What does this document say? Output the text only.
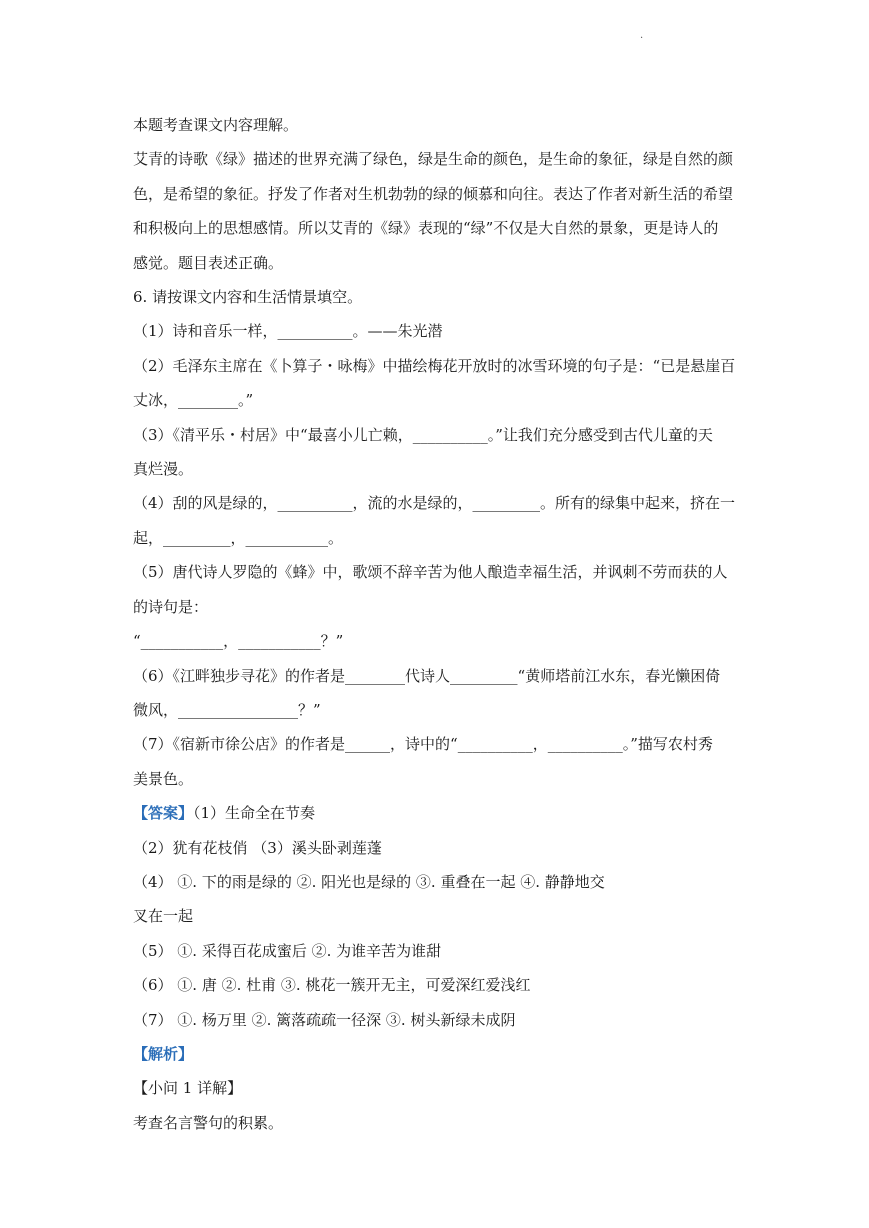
.
本题考查课文内容理解。
艾青的诗歌《绿》描述的世界充满了绿色，绿是生命的颜色，是生命的象征，绿是自然的颜
色，是希望的象征。抒发了作者对生机勃勃的绿的倾慕和向往。表达了作者对新生活的希望
和积极向上的思想感情。所以艾青的《绿》表现的“绿”不仅是大自然的景象，更是诗人的
感觉。题目表述正确。
6. 请按课文内容和生活情景填空。
（1）诗和音乐一样，__________。——朱光潜
（2）毛泽东主席在《卜算子・咏梅》中描绘梅花开放时的冰雪环境的句子是：“已是悬崖百
丈冰，________。”
（3）《清平乐・村居》中“最喜小儿亡赖，__________。”让我们充分感受到古代儿童的天
真烂漫。
（4）刮的风是绿的，__________，流的水是绿的，_________。所有的绿集中起来，挤在一
起，_________，___________。
（5）唐代诗人罗隐的《蜂》中，歌颂不辞辛苦为他人酿造幸福生活，并讽刺不劳而获的人
的诗句是：
“___________，___________？”
（6）《江畔独步寻花》的作者是________代诗人_________“黄师塔前江水东，春光懒困倚
微风，________________？”
（7）《宿新市徐公店》的作者是______，诗中的“__________，__________。”描写农村秀
美景色。
【答案】（1）生命全在节奏
（2）犹有花枝俏 （3）溪头卧剥莲蓬
（4） ①. 下的雨是绿的 ②. 阳光也是绿的 ③. 重叠在一起 ④. 静静地交
叉在一起
（5） ①. 采得百花成蜜后 ②. 为谁辛苦为谁甜
（6） ①. 唐 ②. 杜甫 ③. 桃花一簇开无主，可爱深红爱浅红
（7） ①. 杨万里 ②. 篱落疏疏一径深 ③. 树头新绿未成阴
【解析】
【小问 1 详解】
考查名言警句的积累。
